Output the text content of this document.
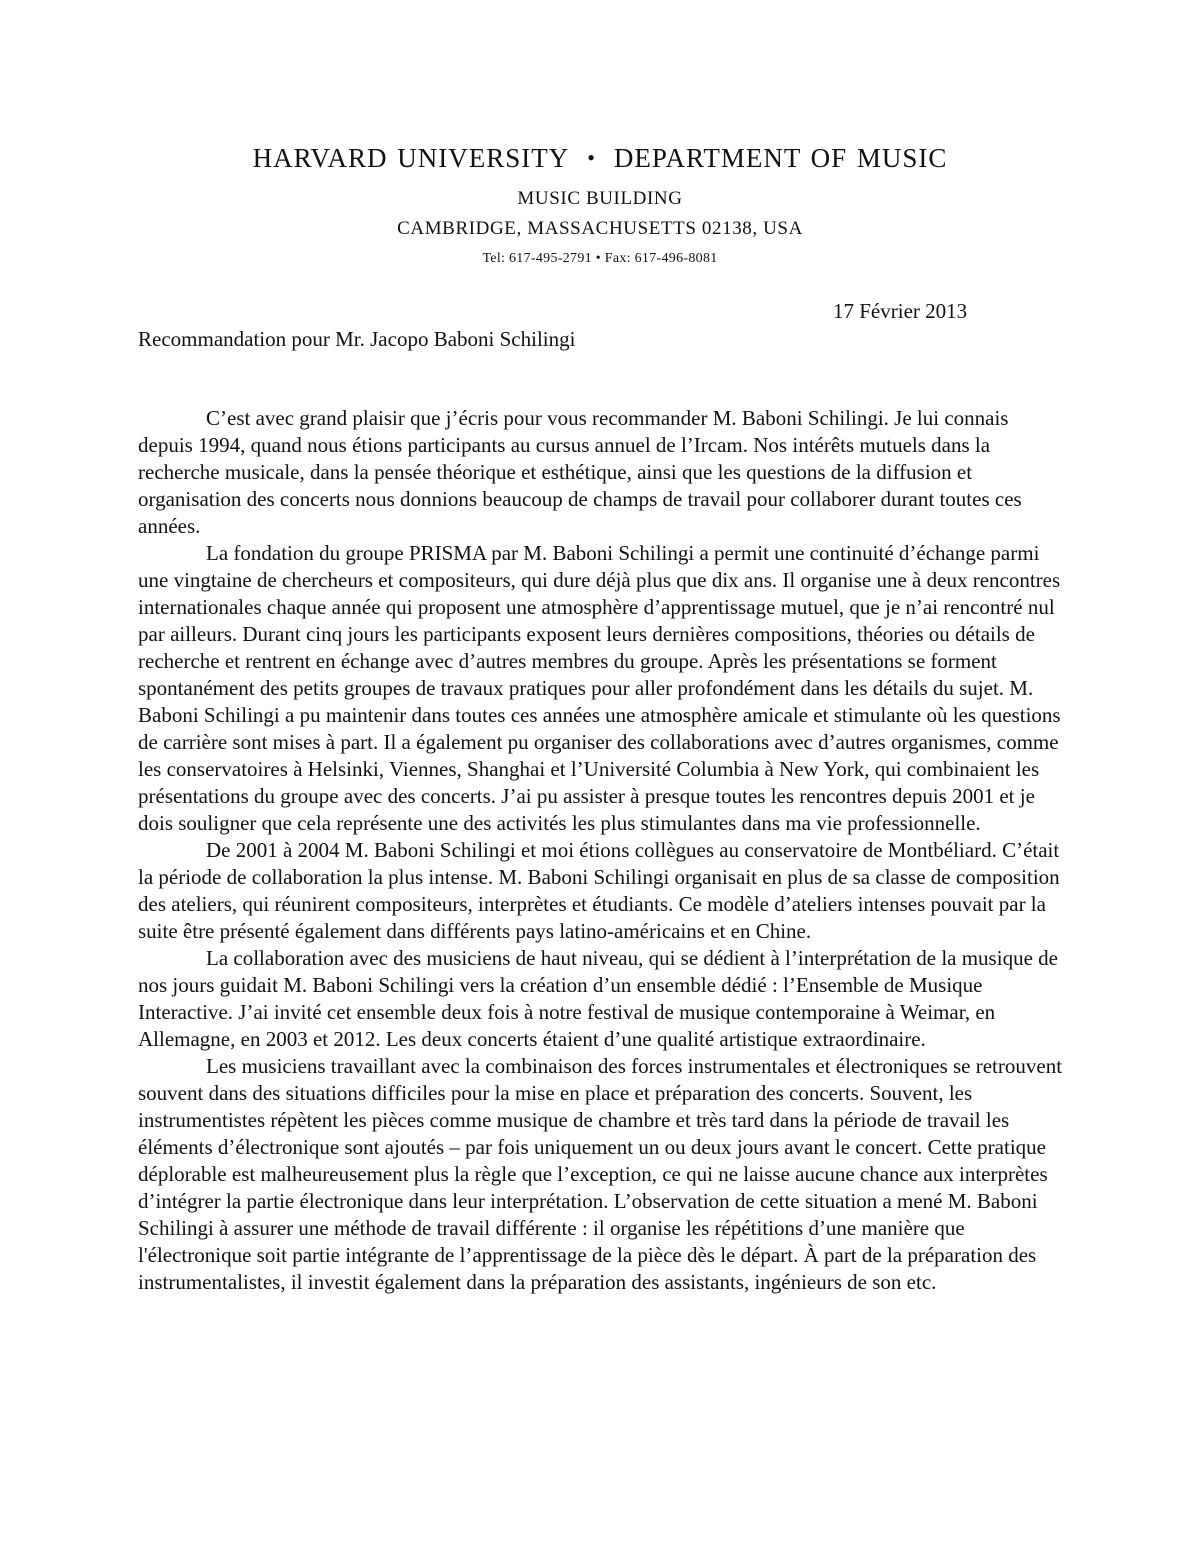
HARVARD UNIVERSITY • DEPARTMENT OF MUSIC

MUSIC BUILDING

CAMBRIDGE, MASSACHUSETTS 02138, USA

Tel: 617-495-2791 • Fax: 617-496-8081
17 Février 2013
Recommandation pour Mr. Jacopo Baboni Schilingi

C’est avec grand plaisir que j’écris pour vous recommander M. Baboni Schilingi. Je lui connais depuis 1994, quand nous étions participants au cursus annuel de l’Ircam. Nos intérêts mutuels dans la recherche musicale, dans la pensée théorique et esthétique, ainsi que les questions de la diffusion et organisation des concerts nous donnions beaucoup de champs de travail pour collaborer durant toutes ces années.

La fondation du groupe PRISMA par M. Baboni Schilingi a permit une continuité d’échange parmi une vingtaine de chercheurs et compositeurs, qui dure déjà plus que dix ans. Il organise une à deux rencontres internationales chaque année qui proposent une atmosphère d’apprentissage mutuel, que je n’ai rencontré nul par ailleurs. Durant cinq jours les participants exposent leurs dernières compositions, théories ou détails de recherche et rentrent en échange avec d’autres membres du groupe. Après les présentations se forment spontanément des petits groupes de travaux pratiques pour aller profondément dans les détails du sujet. M. Baboni Schilingi a pu maintenir dans toutes ces années une atmosphère amicale et stimulante où les questions de carrière sont mises à part. Il a également pu organiser des collaborations avec d’autres organismes, comme les conservatoires à Helsinki, Viennes, Shanghai et l’Université Columbia à New York, qui combinaient les présentations du groupe avec des concerts. J’ai pu assister à presque toutes les rencontres depuis 2001 et je dois souligner que cela représente une des activités les plus stimulantes dans ma vie professionnelle.

De 2001 à 2004 M. Baboni Schilingi et moi étions collègues au conservatoire de Montbéliard. C’était la période de collaboration la plus intense. M. Baboni Schilingi organisait en plus de sa classe de composition des ateliers, qui réunirent compositeurs, interprètes et étudiants. Ce modèle d’ateliers intenses pouvait par la suite être présenté également dans différents pays latino-américains et en Chine.

La collaboration avec des musiciens de haut niveau, qui se dédient à l’interprétation de la musique de nos jours guidait M. Baboni Schilingi vers la création d’un ensemble dédié : l’Ensemble de Musique Interactive. J’ai invité cet ensemble deux fois à notre festival de musique contemporaine à Weimar, en Allemagne, en 2003 et 2012. Les deux concerts étaient d’une qualité artistique extraordinaire.

Les musiciens travaillant avec la combinaison des forces instrumentales et électroniques se retrouvent souvent dans des situations difficiles pour la mise en place et préparation des concerts. Souvent, les instrumentistes répètent les pièces comme musique de chambre et très tard dans la période de travail les éléments d’électronique sont ajoutés – par fois uniquement un ou deux jours avant le concert. Cette pratique déplorable est malheureusement plus la règle que l’exception, ce qui ne laisse aucune chance aux interprètes d’intégrer la partie électronique dans leur interprétation. L’observation de cette situation a mené M. Baboni Schilingi à assurer une méthode de travail différente : il organise les répétitions d’une manière que l'électronique soit partie intégrante de l’apprentissage de la pièce dès le départ. À part de la préparation des instrumentalistes, il investit également dans la préparation des assistants, ingénieurs de son etc.
